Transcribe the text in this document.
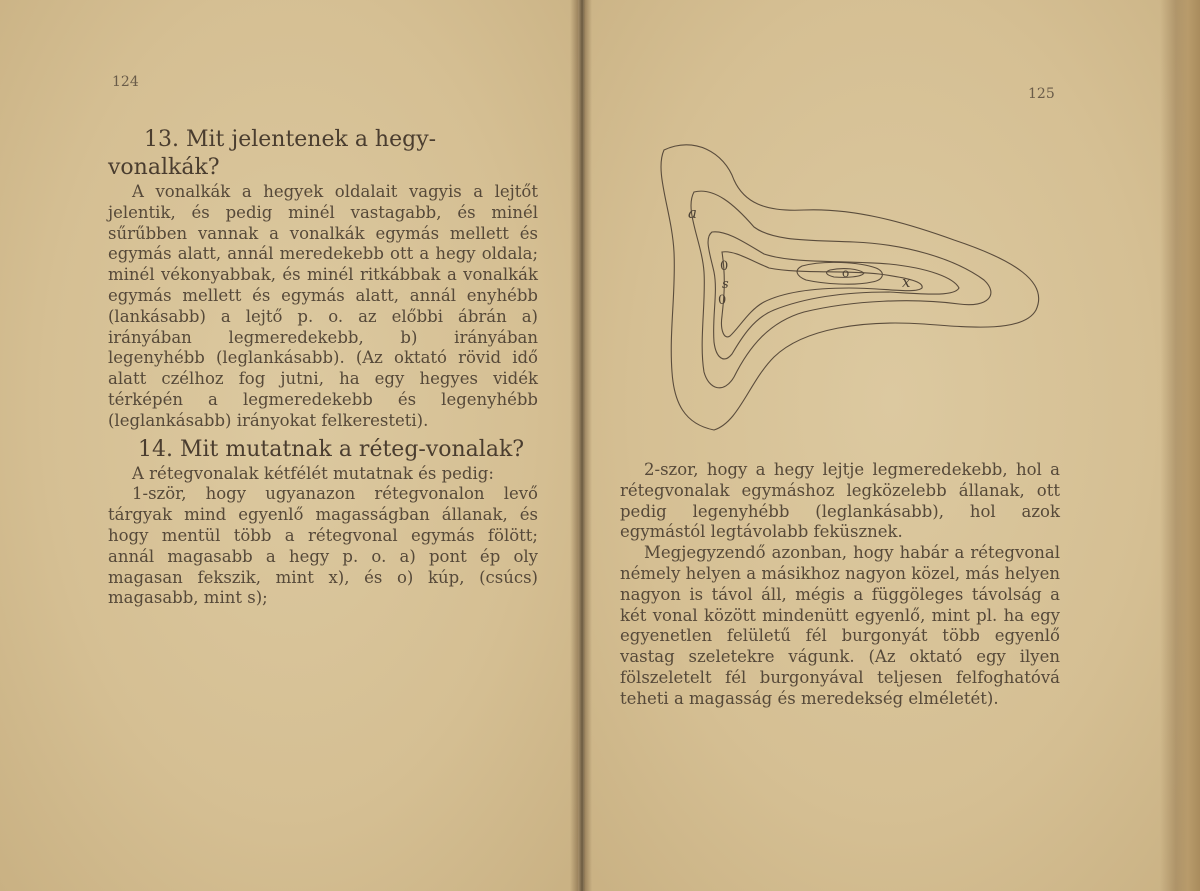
124
13. Mit jelentenek a hegy-vonalkák?

A vonalkák a hegyek oldalait vagyis a lejtőt jelentik, és pedig minél vastagabb, és minél sűrűbben vannak a vonalkák egymás mellett és egymás alatt, annál meredekebb ott a hegy oldala; minél vékonyabbak, és minél ritkábbak a vonalkák egymás mellett és egymás alatt, annál enyhébb (lankásabb) a lejtő p. o. az előbbi ábrán a) irányában legmeredekebb, b) irányában legenyhébb (leglankásabb). (Az oktató rövid idő alatt czélhoz fog jutni, ha egy hegyes vidék térképén a legmeredekebb és legenyhébb (leglankásabb) irányokat felkeresteti).

14. Mit mutatnak a réteg-vonalak?

A rétegvonalak kétfélét mutatnak és pedig:

1-ször, hogy ugyanazon rétegvonalon levő tárgyak mind egyenlő magasságban állanak, és hogy mentül több a rétegvonal egymás fölött; annál magasabb a hegy p. o. a) pont ép oly magasan fekszik, mint x), és o) kúp, (csúcs) magasabb, mint s);

125
a
0
s
0
o	x

2-szor, hogy a hegy lejtje legmeredekebb, hol a rétegvonalak egymáshoz legközelebb állanak, ott pedig legenyhébb (leglankásabb), hol azok egymástól legtávolabb feküsznek.

Megjegyzendő azonban, hogy habár a rétegvonal némely helyen a másikhoz nagyon közel, más helyen nagyon is távol áll, mégis a függöleges távolság a két vonal között mindenütt egyenlő, mint pl. ha egy egyenetlen felületű fél burgonyát több egyenlő vastag szeletekre vágunk. (Az oktató egy ilyen fölszeletelt fél burgonyával teljesen felfoghatóvá teheti a magasság és meredekség elméletét).
